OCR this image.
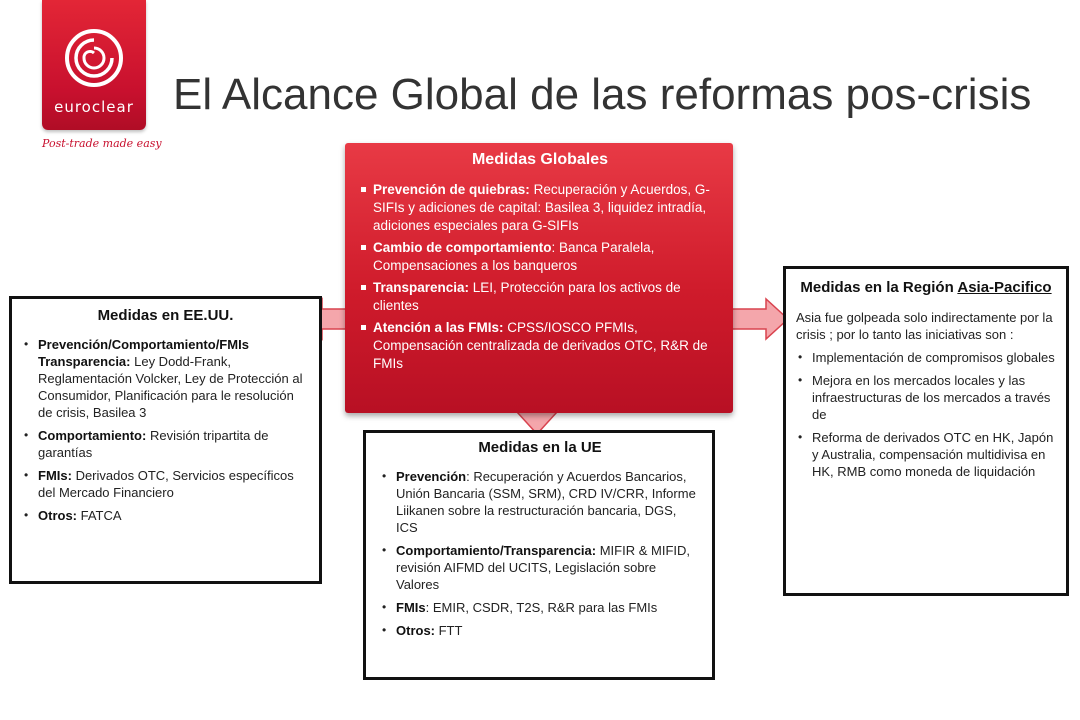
euroclear
Post-trade made easy
El Alcance Global de las reformas pos-crisis
Medidas en EE.UU.
• Prevención/Comportamiento/FMIs Transparencia: Ley Dodd-Frank, Reglamentación Volcker, Ley de Protección al Consumidor, Planificación para le resolución de crisis, Basilea 3
• Comportamiento: Revisión tripartita de garantías
• FMIs: Derivados OTC, Servicios específicos del Mercado Financiero
• Otros: FATCA
Medidas en la UE
• Prevención: Recuperación y Acuerdos Bancarios, Unión Bancaria (SSM, SRM), CRD IV/CRR, Informe Liikanen sobre la restructuración bancaria, DGS, ICS
• Comportamiento/Transparencia: MIFIR & MIFID, revisión AIFMD del UCITS, Legislación sobre Valores
• FMIs: EMIR, CSDR, T2S, R&R para las FMIs
• Otros: FTT
Medidas en la Región Asia-Pacifico

Asia fue golpeada solo indirectamente por la crisis ; por lo tanto las iniciativas son :

• Implementación de compromisos globales
• Mejora en los mercados locales y las infraestructuras de los mercados a través de
• Reforma de derivados OTC en HK, Japón y Australia, compensación multidivisa en HK, RMB como moneda de liquidación
Medidas Globales
Prevención de quiebras: Recuperación y Acuerdos, G-SIFIs y adiciones de capital: Basilea 3, liquidez intradía, adiciones especiales para G-SIFIs
Cambio de comportamiento: Banca Paralela, Compensaciones a los banqueros
Transparencia: LEI, Protección para los activos de clientes
Atención a las FMIs: CPSS/IOSCO PFMIs, Compensación centralizada de derivados OTC, R&R de FMIs
